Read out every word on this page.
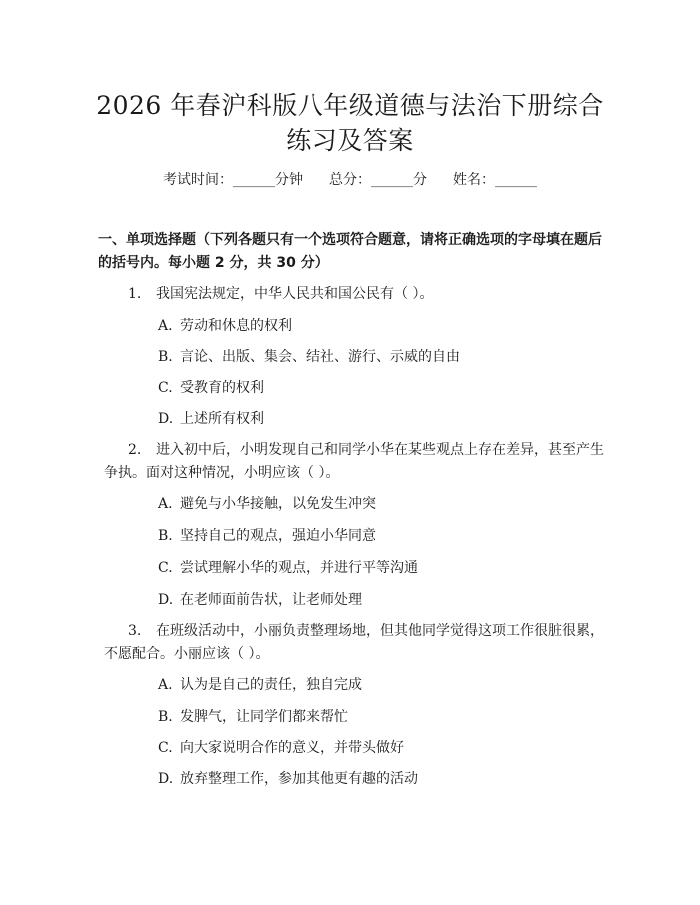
2026 年春沪科版八年级道德与法治下册综合
练习及答案
考试时间：______分钟 总分：______分 姓名：______
一、单项选择题（下列各题只有一个选项符合题意，请将正确选项的字母填在题后的括号内。每小题 2 分，共 30 分）
1. 我国宪法规定，中华人民共和国公民有（ ）。
A. 劳动和休息的权利
B. 言论、出版、集会、结社、游行、示威的自由
C. 受教育的权利
D. 上述所有权利
2. 进入初中后，小明发现自己和同学小华在某些观点上存在差异，甚至产生争执。面对这种情况，小明应该（ ）。
A. 避免与小华接触，以免发生冲突
B. 坚持自己的观点，强迫小华同意
C. 尝试理解小华的观点，并进行平等沟通
D. 在老师面前告状，让老师处理
3. 在班级活动中，小丽负责整理场地，但其他同学觉得这项工作很脏很累，不愿配合。小丽应该（ ）。
A. 认为是自己的责任，独自完成
B. 发脾气，让同学们都来帮忙
C. 向大家说明合作的意义，并带头做好
D. 放弃整理工作，参加其他更有趣的活动
